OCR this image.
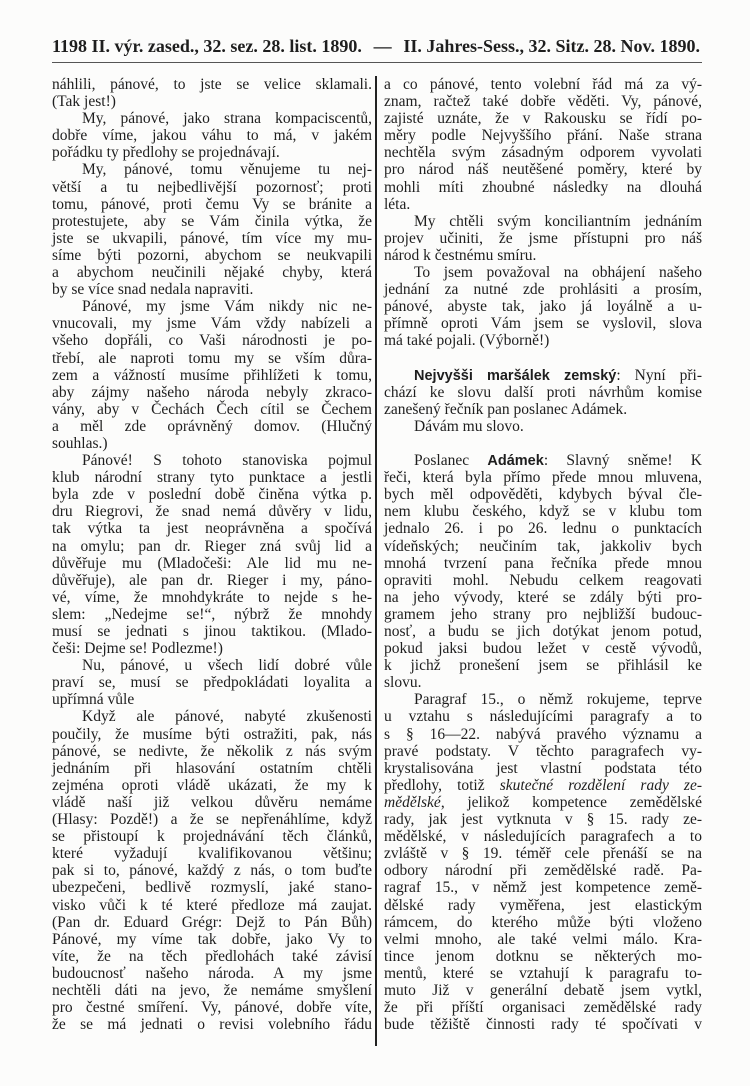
1198 II. výr. zased., 32. sez. 28. list. 1890. — II. Jahres-Sess., 32. Sitz. 28. Nov. 1890.
náhlili, pánové, to jste se velice sklamali.
(Tak jest!)
My, pánové, jako strana kompaciscentů,
dobře víme, jakou váhu to má, v jakém
pořádku ty předlohy se projednávají.
My, pánové, tomu věnujeme tu nej-
větší a tu nejbedlivější pozornosť; proti
tomu, pánové, proti čemu Vy se bránite a
protestujete, aby se Vám činila výtka, že
jste se ukvapili, pánové, tím více my mu-
síme býti pozorni, abychom se neukvapili
a abychom neučinili nějaké chyby, která
by se více snad nedala napraviti.
Pánové, my jsme Vám nikdy nic ne-
vnucovali, my jsme Vám vždy nabízeli a
všeho dopřáli, co Vaši národnosti je po-
třebí, ale naproti tomu my se vším důra-
zem a vážností musíme přihlížeti k tomu,
aby zájmy našeho národa nebyly zkraco-
vány, aby v Čechách Čech cítil se Čechem
a měl zde oprávněný domov. (Hlučný
souhlas.)
Pánové! S tohoto stanoviska pojmul
klub národní strany tyto punktace a jestli
byla zde v poslední době činěna výtka p.
dru Riegrovi, že snad nemá důvěry v lidu,
tak výtka ta jest neoprávněna a spočívá
na omylu; pan dr. Rieger zná svůj lid a
důvěřuje mu (Mladočeši: Ale lid mu ne-
důvěřuje), ale pan dr. Rieger i my, páno-
vé, víme, že mnohdykráte to nejde s he-
slem: „Nedejme se!“, nýbrž že mnohdy
musí se jednati s jinou taktikou. (Mlado-
češi: Dejme se! Podlezme!)
Nu, pánové, u všech lidí dobré vůle
praví se, musí se předpokládati loyalita a
upřímná vůle
Když ale pánové, nabyté zkušenosti
poučily, že musíme býti ostražiti, pak, nás
pánové, se nedivte, že několik z nás svým
jednáním při hlasování ostatním chtěli
zejména oproti vládě ukázati, že my k
vládě naší již velkou důvěru nemáme
(Hlasy: Pozdě!) a že se nepřenáhlíme, když
se přistoupí k projednávání těch článků,
které vyžadují kvalifikovanou většinu;
pak si to, pánové, každý z nás, o tom buďte
ubezpečeni, bedlivě rozmyslí, jaké stano-
visko vůči k té které předloze má zaujat.
(Pan dr. Eduard Grégr: Dejž to Pán Bůh)
Pánové, my víme tak dobře, jako Vy to
víte, že na těch předlohách také závisí
budoucnosť našeho národa. A my jsme
nechtěli dáti na jevo, že nemáme smyšlení
pro čestné smíření. Vy, pánové, dobře víte,
že se má jednati o revisi volebního řádu
a co pánové, tento volební řád má za vý-
znam, račtež také dobře věděti. Vy, pánové,
zajisté uznáte, že v Rakousku se řídí po-
měry podle Nejvyššího přání. Naše strana
nechtěla svým zásadným odporem vyvolati
pro národ náš neutěšené poměry, které by
mohli míti zhoubné následky na dlouhá
léta.
My chtěli svým konciliantním jednáním
projev učiniti, že jsme přístupni pro náš
národ k čestnému smíru.
To jsem považoval na obhájení našeho
jednání za nutné zde prohlásiti a prosím,
pánové, abyste tak, jako já loyálně a u-
přímně oproti Vám jsem se vyslovil, slova
má také pojali. (Výborně!)
Nejvyšši maršálek zemský: Nyní při-
chází ke slovu další proti návrhům komise
zanešený řečník pan poslanec Adámek.
Dávám mu slovo.
Poslanec Adámek: Slavný sněme! K
řeči, která byla přímo přede mnou mluvena,
bych měl odpověděti, kdybych býval čle-
nem klubu českého, když se v klubu tom
jednalo 26. i po 26. lednu o punktacích
vídeňských; neučiním tak, jakkoliv bych
mnohá tvrzení pana řečníka přede mnou
opraviti mohl. Nebudu celkem reagovati
na jeho vývody, které se zdály býti pro-
gramem jeho strany pro nejbližší budouc-
nosť, a budu se jich dotýkat jenom potud,
pokud jaksi budou ležet v cestě vývodů,
k jichž pronešení jsem se přihlásil ke
slovu.
Paragraf 15., o němž rokujeme, teprve
u vztahu s následujícími paragrafy a to
s § 16—22. nabývá pravého významu a
pravé podstaty. V těchto paragrafech vy-
krystalisována jest vlastní podstata této
předlohy, totiž skutečné rozdělení rady ze-
mědělské, jelikož kompetence zemědělské
rady, jak jest vytknuta v § 15. rady ze-
mědělské, v následujících paragrafech a to
zvláště v § 19. téměř cele přenáší se na
odbory národní při zemědělské radě. Pa-
ragraf 15., v němž jest kompetence země-
dělské rady vyměřena, jest elastickým
rámcem, do kterého může býti vloženo
velmi mnoho, ale také velmi málo. Kra-
tince jenom dotknu se některých mo-
mentů, které se vztahují k paragrafu to-
muto Již v generální debatě jsem vytkl,
že při příští organisaci zemědělské rady
bude těžiště činnosti rady té spočívati v
